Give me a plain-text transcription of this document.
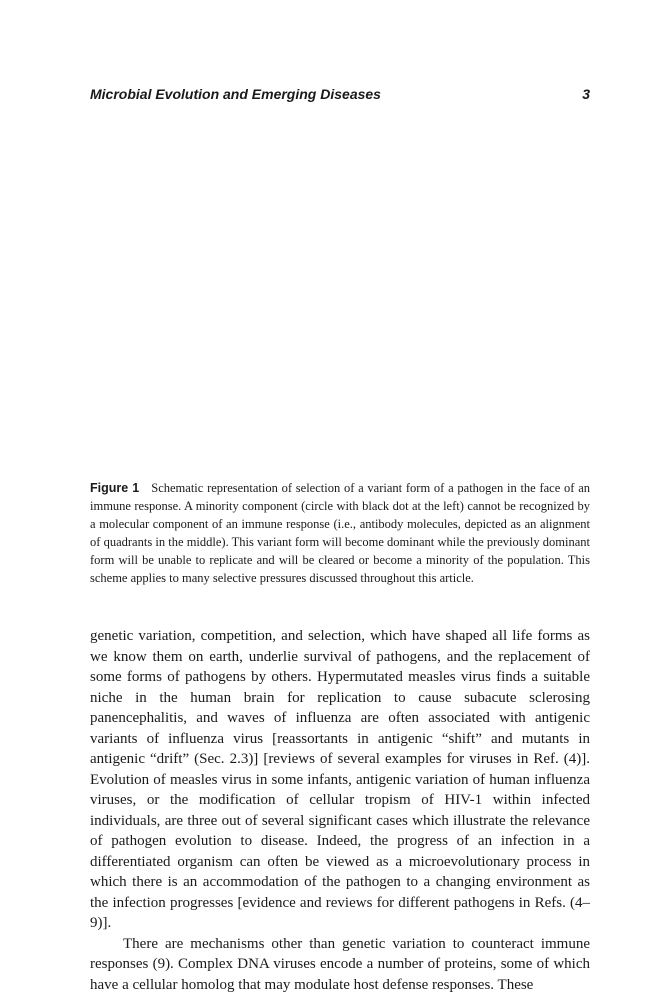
Microbial Evolution and Emerging Diseases	3
Figure 1 Schematic representation of selection of a variant form of a pathogen in the face of an immune response. A minority component (circle with black dot at the left) cannot be recognized by a molecular component of an immune response (i.e., antibody molecules, depicted as an alignment of quadrants in the middle). This variant form will become dominant while the previously dominant form will be unable to replicate and will be cleared or become a minority of the population. This scheme applies to many selective pressures discussed throughout this article.

genetic variation, competition, and selection, which have shaped all life forms as we know them on earth, underlie survival of pathogens, and the replacement of some forms of pathogens by others. Hypermutated measles virus finds a suitable niche in the human brain for replication to cause subacute sclerosing panencephalitis, and waves of influenza are often associated with antigenic variants of influenza virus [reassortants in antigenic “shift” and mutants in antigenic “drift” (Sec. 2.3)] [reviews of several examples for viruses in Ref. (4)]. Evolution of measles virus in some infants, antigenic variation of human influenza viruses, or the modification of cellular tropism of HIV-1 within infected individuals, are three out of several significant cases which illustrate the relevance of pathogen evolution to disease. Indeed, the progress of an infection in a differentiated organism can often be viewed as a microevolutionary process in which there is an accommodation of the pathogen to a changing environment as the infection progresses [evidence and reviews for different pathogens in Refs. (4–9)].

There are mechanisms other than genetic variation to counteract immune responses (9). Complex DNA viruses encode a number of proteins, some of which have a cellular homolog that may modulate host defense responses. These
